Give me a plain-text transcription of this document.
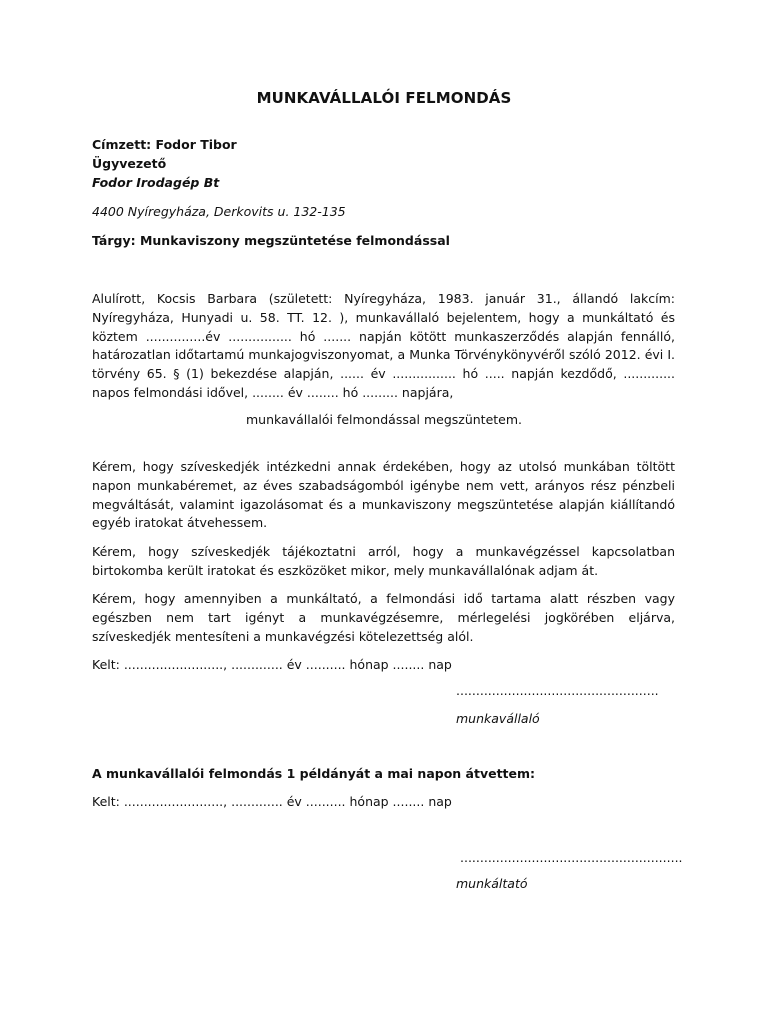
MUNKAVÁLLALÓI FELMONDÁS
Címzett: Fodor Tibor
Ügyvezető
Fodor Irodagép Bt
4400 Nyíregyháza, Derkovits u. 132-135
Tárgy: Munkaviszony megszüntetése felmondással

Alulírott, Kocsis Barbara (született: Nyíregyháza, 1983. január 31., állandó lakcím: Nyíregyháza, Hunyadi u. 58. TT. 12. ), munkavállaló bejelentem, hogy a munkáltató és köztem ...............év ................ hó ....... napján kötött munkaszerződés alapján fennálló, határozatlan időtartamú munkajogviszonyomat, a Munka Törvénykönyvéről szóló 2012. évi I. törvény 65. § (1) bekezdése alapján, ...... év ................ hó ..... napján kezdődő, ............. napos felmondási idővel, ........ év ........ hó ......... napjára,

munkavállalói felmondással megszüntetem.

Kérem, hogy szíveskedjék intézkedni annak érdekében, hogy az utolsó munkában töltött napon munkabéremet, az éves szabadságomból igénybe nem vett, arányos rész pénzbeli megváltását, valamint igazolásomat és a munkaviszony megszüntetése alapján kiállítandó egyéb iratokat átvehessem.

Kérem, hogy szíveskedjék tájékoztatni arról, hogy a munkavégzéssel kapcsolatban birtokomba került iratokat és eszközöket mikor, mely munkavállalónak adjam át.

Kérem, hogy amennyiben a munkáltató, a felmondási idő tartama alatt részben vagy egészben nem tart igényt a munkavégzésemre, mérlegelési jogkörében eljárva, szíveskedjék mentesíteni a munkavégzési kötelezettség alól.

Kelt: ........................., ............. év .......... hónap ........ nap
...................................................
munkavállaló
A munkavállalói felmondás 1 példányát a mai napon átvettem:
Kelt: ........................., ............. év .......... hónap ........ nap
........................................................
munkáltató
